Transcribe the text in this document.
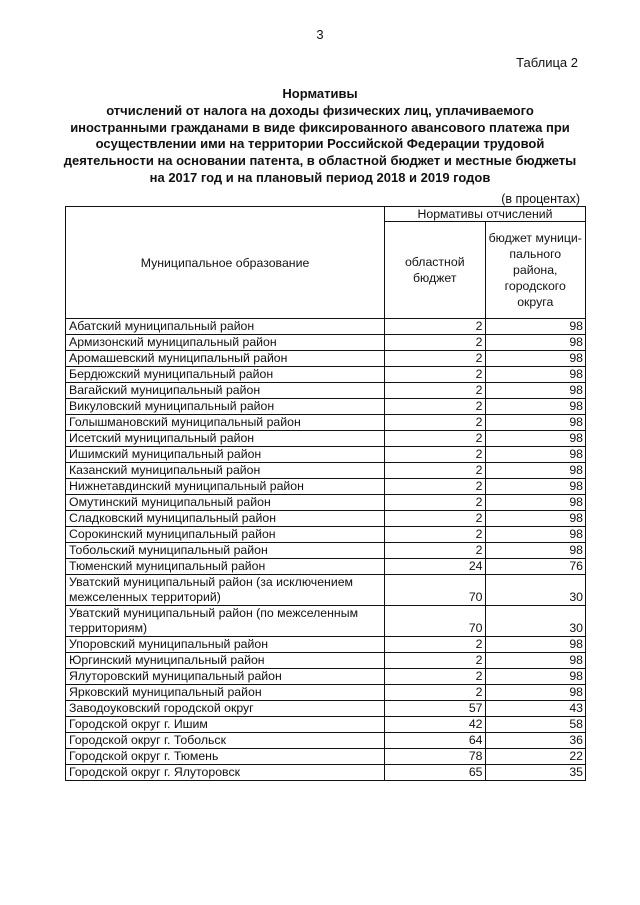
3
Таблица 2
Нормативы
отчислений от налога на доходы физических лиц, уплачиваемого
иностранными гражданами в виде фиксированного авансового платежа при
осуществлении ими на территории Российской Федерации трудовой
деятельности на основании патента, в областной бюджет и местные бюджеты
на 2017 год и на плановый период 2018 и 2019 годов
(в процентах)
Муниципальное образование	Нормативы отчислений	
	областной бюджет	бюджет муници-пального района, городского округа
Абатский муниципальный район	2	98
Армизонский муниципальный район	2	98
Аромашевский муниципальный район	2	98
Бердюжский муниципальный район	2	98
Вагайский муниципальный район	2	98
Викуловский муниципальный район	2	98
Голышмановский муниципальный район	2	98
Исетский муниципальный район	2	98
Ишимский муниципальный район	2	98
Казанский муниципальный район	2	98
Нижнетавдинский муниципальный район	2	98
Омутинский муниципальный район	2	98
Сладковский муниципальный район	2	98
Сорокинский муниципальный район	2	98
Тобольский муниципальный район	2	98
Тюменский муниципальный район	24	76
Уватский муниципальный район (за исключением межселенных территорий)	70	30
Уватский муниципальный район (по межселенным территориям)	70	30
Упоровский муниципальный район	2	98
Юргинский муниципальный район	2	98
Ялуторовский муниципальный район	2	98
Ярковский муниципальный район	2	98
Заводоуковский городской округ	57	43
Городской округ г. Ишим	42	58
Городской округ г. Тобольск	64	36
Городской округ г. Тюмень	78	22
Городской округ г. Ялуторовск	65	35
